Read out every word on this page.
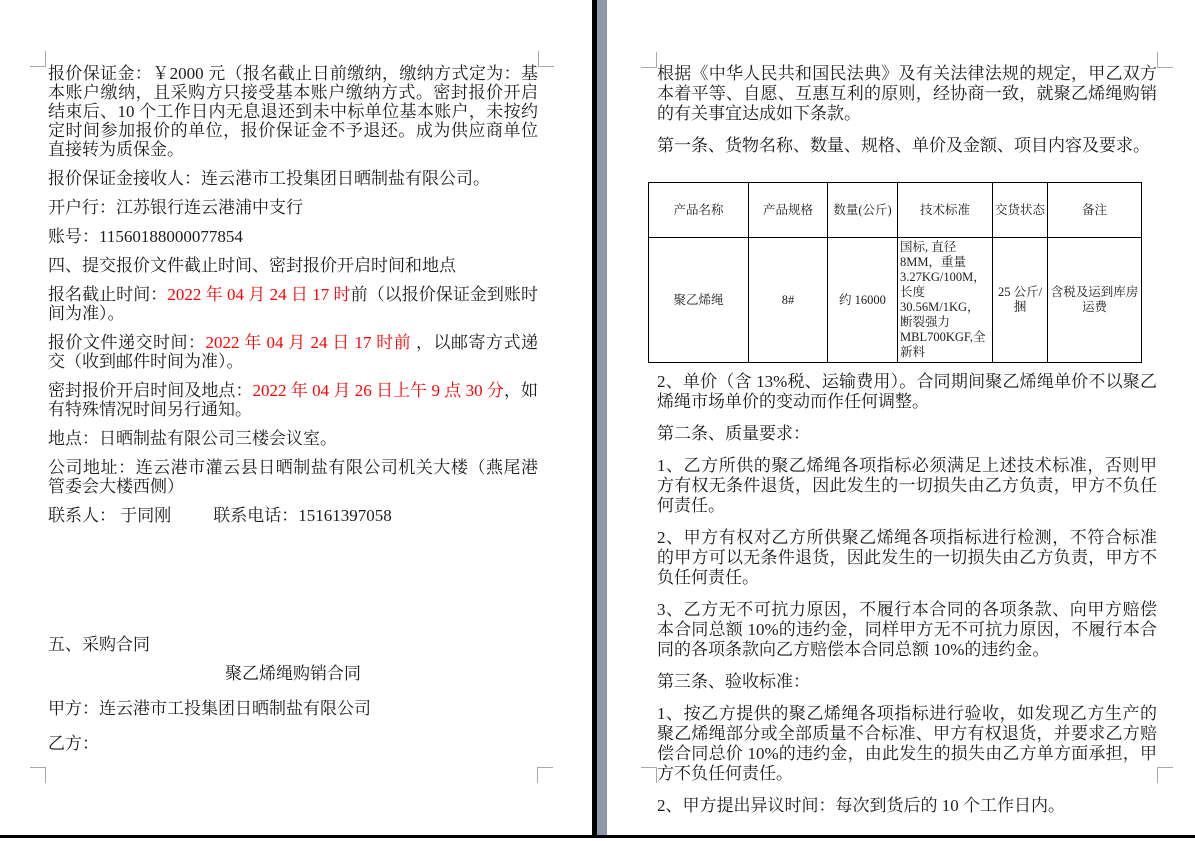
报价保证金：￥2000 元（报名截止日前缴纳，缴纳方式定为：基本账户缴纳，且采购方只接受基本账户缴纳方式。密封报价开启结束后、10 个工作日内无息退还到未中标单位基本账户，未按约定时间参加报价的单位，报价保证金不予退还。成为供应商单位直接转为质保金。

报价保证金接收人：连云港市工投集团日晒制盐有限公司。

开户行：江苏银行连云港浦中支行

账号：11560188000077854

四、提交报价文件截止时间、密封报价开启时间和地点

报名截止时间：2022 年 04 月 24 日 17 时前（以报价保证金到账时间为准）。

报价文件递交时间：2022 年 04 月 24 日 17 时前 ，以邮寄方式递交（收到邮件时间为准）。

密封报价开启时间及地点：2022 年 04 月 26 日上午 9 点 30 分，如有特殊情况时间另行通知。

地点：日晒制盐有限公司三楼会议室。

公司地址：连云港市灌云县日晒制盐有限公司机关大楼（燕尾港管委会大楼西侧）

联系人： 于同刚 联系电话：15161397058

五、采购合同

聚乙烯绳购销合同

甲方：连云港市工投集团日晒制盐有限公司

乙方：

根据《中华人民共和国民法典》及有关法律法规的规定，甲乙双方本着平等、自愿、互惠互利的原则，经协商一致，就聚乙烯绳购销的有关事宜达成如下条款。

第一条、货物名称、数量、规格、单价及金额、项目内容及要求。

产品名称	产品规格	数量(公斤)	技术标准	交货状态	备注
聚乙烯绳	8#	约 16000	国标, 直径8MM，重量3.27KG/100M，长度30.56M/1KG，断裂强力MBL700KGF,全新料	25 公斤/捆	含税及运到库房运费

2、单价（含 13%税、运输费用）。合同期间聚乙烯绳单价不以聚乙烯绳市场单价的变动而作任何调整。

第二条、质量要求：

1、乙方所供的聚乙烯绳各项指标必须满足上述技术标准，否则甲方有权无条件退货，因此发生的一切损失由乙方负责，甲方不负任何责任。

2、甲方有权对乙方所供聚乙烯绳各项指标进行检测，不符合标准的甲方可以无条件退货，因此发生的一切损失由乙方负责，甲方不负任何责任。

3、乙方无不可抗力原因，不履行本合同的各项条款、向甲方赔偿本合同总额 10%的违约金，同样甲方无不可抗力原因，不履行本合同的各项条款向乙方赔偿本合同总额 10%的违约金。

第三条、验收标准：

1、按乙方提供的聚乙烯绳各项指标进行验收，如发现乙方生产的聚乙烯绳部分或全部质量不合标准、甲方有权退货，并要求乙方赔偿合同总价 10%的违约金，由此发生的损失由乙方单方面承担，甲方不负任何责任。

2、甲方提出异议时间：每次到货后的 10 个工作日内。
